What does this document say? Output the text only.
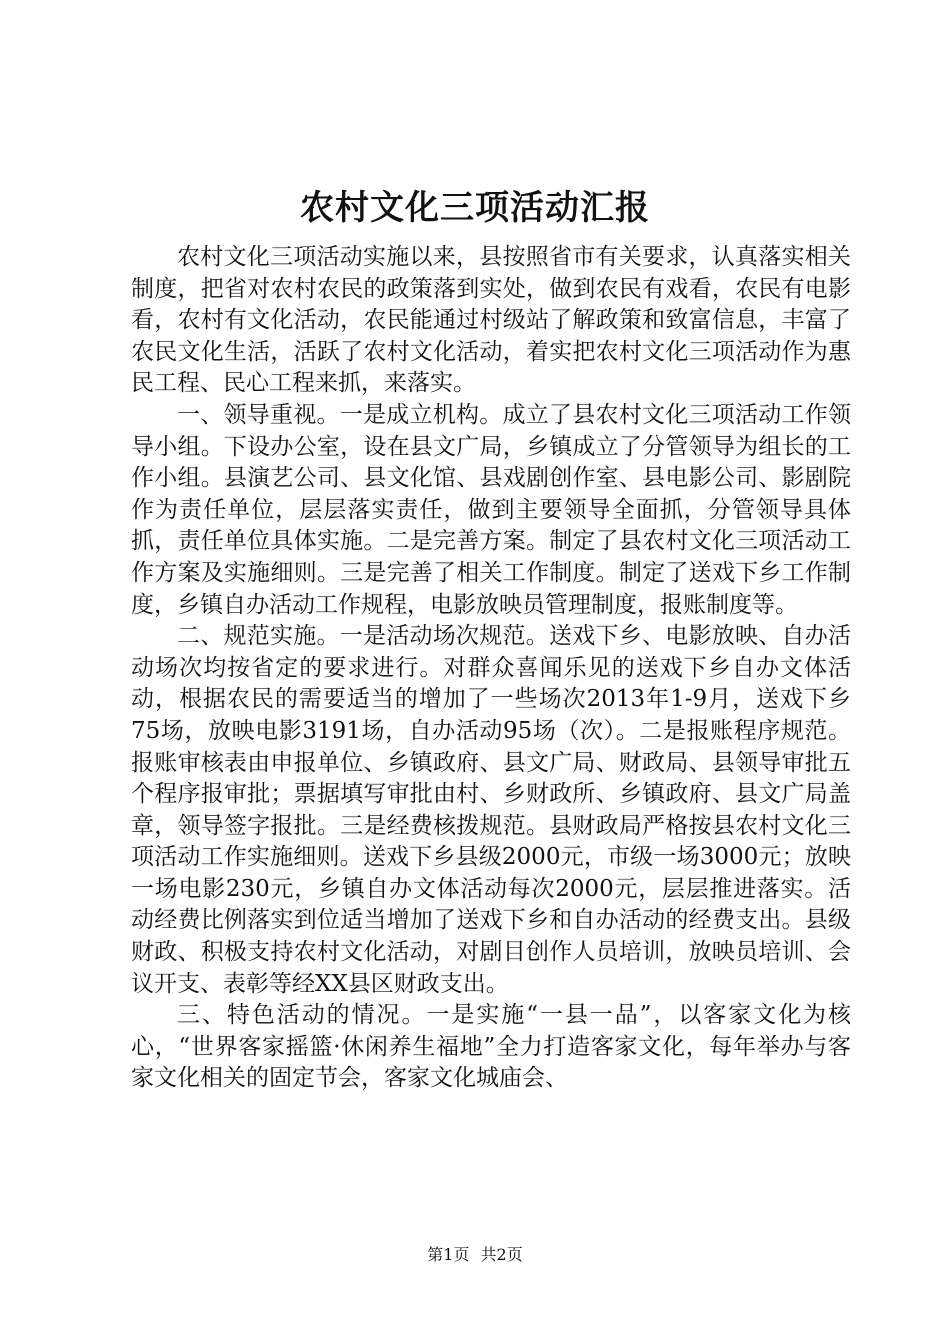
农村文化三项活动汇报

农村文化三项活动实施以来，县按照省市有关要求，认真落实相关制度，把省对农村农民的政策落到实处，做到农民有戏看，农民有电影看，农村有文化活动，农民能通过村级站了解政策和致富信息，丰富了农民文化生活，活跃了农村文化活动，着实把农村文化三项活动作为惠民工程、民心工程来抓，来落实。

一、领导重视。一是成立机构。成立了县农村文化三项活动工作领导小组。下设办公室，设在县文广局，乡镇成立了分管领导为组长的工作小组。县演艺公司、县文化馆、县戏剧创作室、县电影公司、影剧院作为责任单位，层层落实责任，做到主要领导全面抓，分管领导具体抓，责任单位具体实施。二是完善方案。制定了县农村文化三项活动工作方案及实施细则。三是完善了相关工作制度。制定了送戏下乡工作制度，乡镇自办活动工作规程，电影放映员管理制度，报账制度等。

二、规范实施。一是活动场次规范。送戏下乡、电影放映、自办活动场次均按省定的要求进行。对群众喜闻乐见的送戏下乡自办文体活动，根据农民的需要适当的增加了一些场次2013年1-9月，送戏下乡75场，放映电影3191场，自办活动95场（次）。二是报账程序规范。报账审核表由申报单位、乡镇政府、县文广局、财政局、县领导审批五个程序报审批；票据填写审批由村、乡财政所、乡镇政府、县文广局盖章，领导签字报批。三是经费核拨规范。县财政局严格按县农村文化三项活动工作实施细则。送戏下乡县级2000元，市级一场3000元；放映一场电影230元，乡镇自办文体活动每次2000元，层层推进落实。活动经费比例落实到位适当增加了送戏下乡和自办活动的经费支出。县级财政、积极支持农村文化活动，对剧目创作人员培训，放映员培训、会议开支、表彰等经XX县区财政支出。

三、特色活动的情况。一是实施“一县一品”，以客家文化为核心，“世界客家摇篮·休闲养生福地”全力打造客家文化，每年举办与客家文化相关的固定节会，客家文化城庙会、

第1页 共2页
